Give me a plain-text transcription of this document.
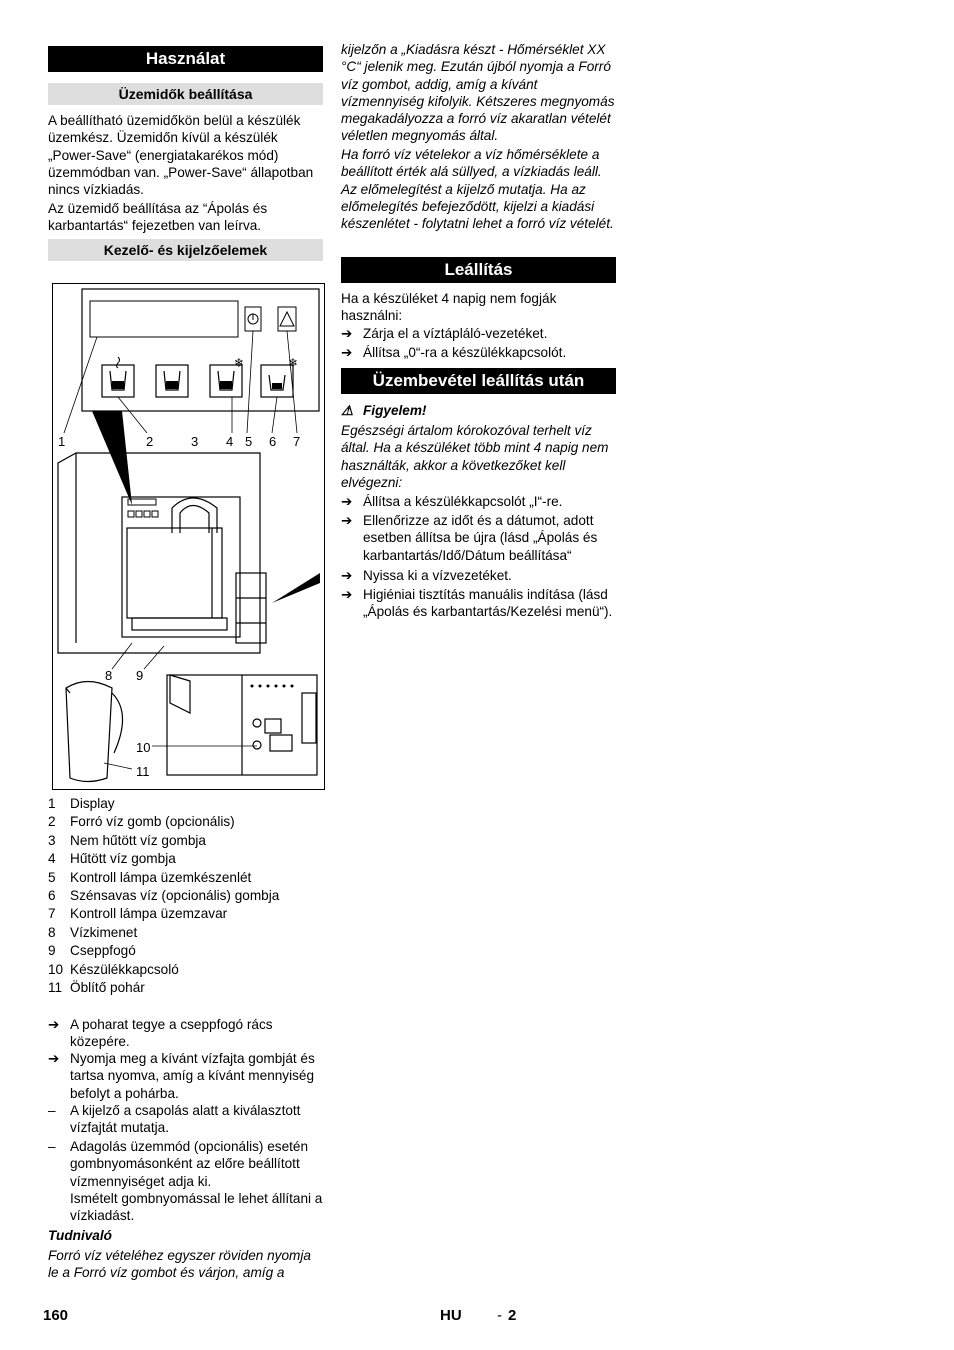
Használat
Üzemidők beállítása

A beállítható üzemidőkön belül a készülék üzemkész. Üzemidőn kívül a készülék „Power-Save“ (energiatakarékos mód) üzemmódban van. „Power-Save“ állapotban nincs vízkiadás.

Az üzemidő beállítása az “Ápolás és karbantartás“ fejezetben van leírva.

Kezelő- és kijelzőelemek
❄	❄
1	2	3 4 5 6 7
8 9
10
11
1	Display
2	Forró víz gomb (opcionális)
3	Nem hűtött víz gombja
4	Hűtött víz gombja
5	Kontroll lámpa üzemkészenlét
6	Szénsavas víz (opcionális) gombja
7	Kontroll lámpa üzemzavar
8	Vízkimenet
9	Cseppfogó
10 Készülékkapcsoló
11 Öblítő pohár
➔ A poharat tegye a cseppfogó rács közepére.
➔ Nyomja meg a kívánt vízfajta gombját és tartsa nyomva, amíg a kívánt mennyiség befolyt a pohárba.
–	A kijelző a csapolás alatt a kiválasztott vízfajtát mutatja.
–	Adagolás üzemmód (opcionális) esetén gombnyomásonként az előre beállított vízmennyiséget adja ki.
Ismételt gombnyomással le lehet állítani a vízkiadást.
Tudnivaló

Forró víz vételéhez egyszer röviden nyomja le a Forró víz gombot és várjon, amíg a

kijelzőn a „Kiadásra készt - Hőmérséklet XX °C“ jelenik meg. Ezután újból nyomja a Forró víz gombot, addig, amíg a kívánt vízmennyiség kifolyik. Kétszeres megnyomás megakadályozza a forró víz akaratlan vételét véletlen megnyomás által.

Ha forró víz vételekor a víz hőmérséklete a beállított érték alá süllyed, a vízkiadás leáll. Az előmelegítést a kijelző mutatja. Ha az előmelegítés befejeződött, kijelzi a kiadási készenlétet - folytatni lehet a forró víz vételét.

Leállítás

Ha a készüléket 4 napig nem fogják használni:

➔ Zárja el a víztápláló-vezetéket.
➔ Állítsa „0“-ra a készülékkapcsolót.
Üzembevétel leállítás után
⚠ Figyelem!

Egészségi ártalom kórokozóval terhelt víz által. Ha a készüléket több mint 4 napig nem használták, akkor a következőket kell elvégezni:

➔ Állítsa a készülékkapcsolót „I“-re.
➔ Ellenőrizze az időt és a dátumot, adott esetben állítsa be újra (lásd „Ápolás és karbantartás/Idő/Dátum beállítása“
➔ Nyissa ki a vízvezetéket.
➔ Higiéniai tisztítás manuális indítása (lásd „Ápolás és karbantartás/Kezelési menü“).
160	HU - 2
